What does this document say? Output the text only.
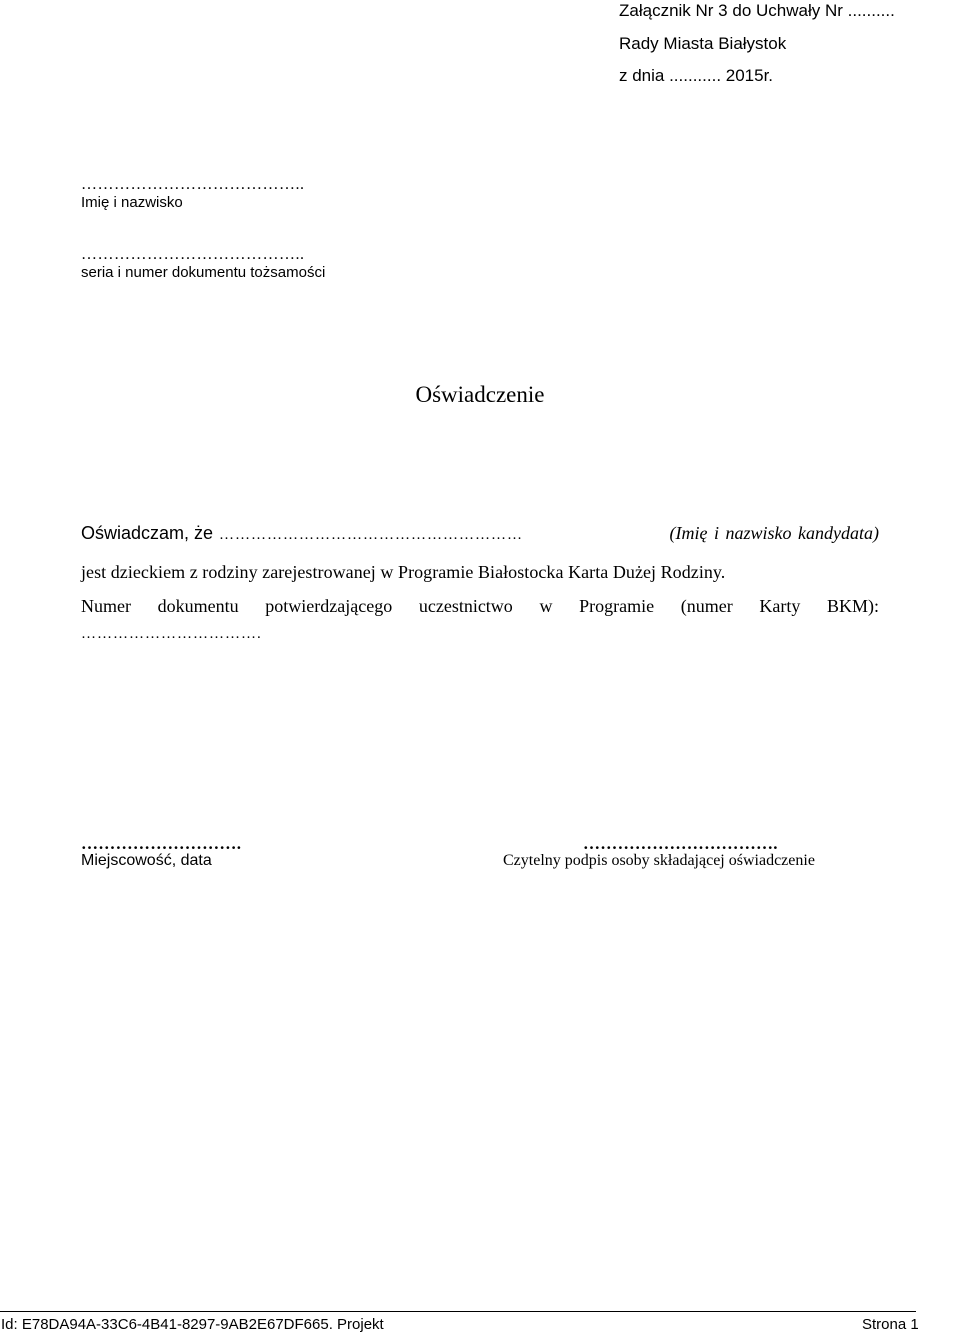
Załącznik Nr 3 do Uchwały Nr ..........
Rady Miasta Białystok
z dnia ........... 2015r.
…………………………………..
Imię i nazwisko
…………………………………..
seria i numer dokumentu tożsamości
Oświadczenie
Oświadczam, że …………………………………………………	(Imię i nazwisko kandydata)
jest dzieckiem z rodziny zarejestrowanej w Programie Białostocka Karta Dużej Rodziny.
Numer dokumentu potwierdzającego uczestnictwo w Programie (numer Karty BKM):
…………………………….
……………………….
Miejscowość, data
…………………………….
Czytelny podpis osoby składającej oświadczenie
Id: E78DA94A-33C6-4B41-8297-9AB2E67DF665. Projekt	Strona 1
